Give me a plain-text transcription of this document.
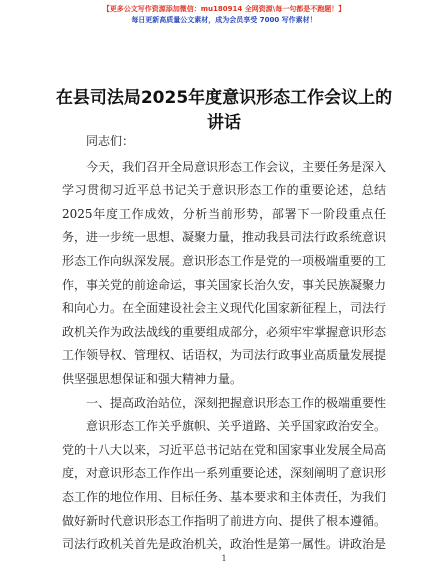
【更多公文写作资源添加微信：mu180914 全网资源\每一句都是不跑题！】
每日更新高质量公文素材，成为会员享受 7000 写作素材！
在县司法局2025年度意识形态工作会议上的讲话

同志们：

今天，我们召开全局意识形态工作会议，主要任务是深入学习贯彻习近平总书记关于意识形态工作的重要论述，总结2025年度工作成效，分析当前形势，部署下一阶段重点任务，进一步统一思想、凝聚力量，推动我县司法行政系统意识形态工作向纵深发展。意识形态工作是党的一项极端重要的工作，事关党的前途命运，事关国家长治久安，事关民族凝聚力和向心力。在全面建设社会主义现代化国家新征程上，司法行政机关作为政法战线的重要组成部分，必须牢牢掌握意识形态工作领导权、管理权、话语权，为司法行政事业高质量发展提供坚强思想保证和强大精神力量。

一、提高政治站位，深刻把握意识形态工作的极端重要性

意识形态工作关乎旗帜、关乎道路、关乎国家政治安全。党的十八大以来，习近平总书记站在党和国家事业发展全局高度，对意识形态工作作出一系列重要论述，深刻阐明了意识形态工作的地位作用、目标任务、基本要求和主体责任，为我们做好新时代意识形态工作指明了前进方向、提供了根本遵循。

司法行政机关首先是政治机关，政治性是第一属性。讲政治是

1
